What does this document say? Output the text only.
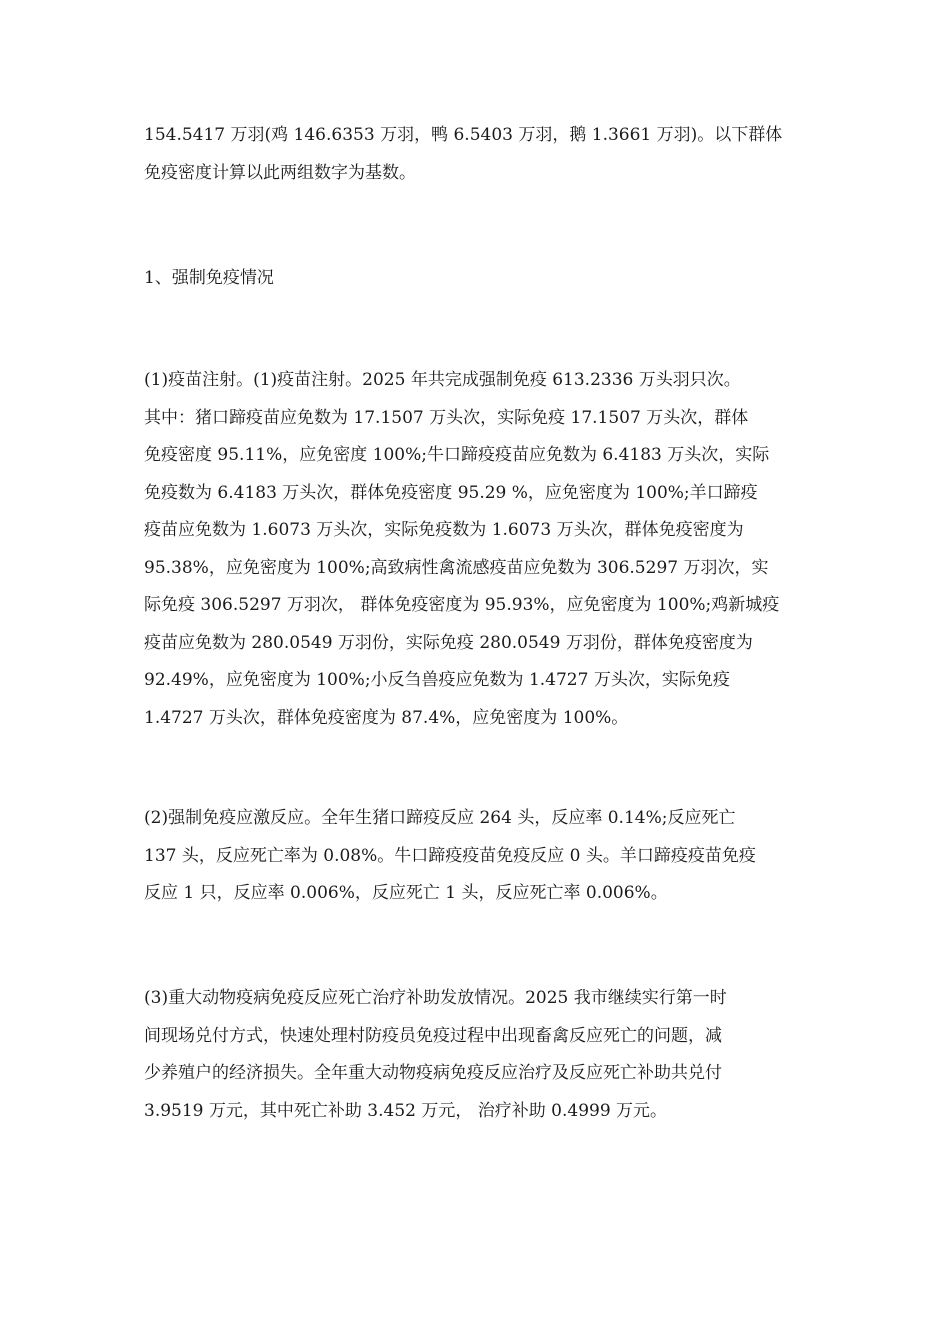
154.5417 万羽(鸡 146.6353 万羽，鸭 6.5403 万羽，鹅 1.3661 万羽)。以下群体
免疫密度计算以此两组数字为基数。
1、强制免疫情况
(1)疫苗注射。(1)疫苗注射。2025 年共完成强制免疫 613.2336 万头羽只次。
其中：猪口蹄疫苗应免数为 17.1507 万头次，实际免疫 17.1507 万头次，群体
免疫密度 95.11%，应免密度 100%;牛口蹄疫疫苗应免数为 6.4183 万头次，实际
免疫数为 6.4183 万头次，群体免疫密度 95.29 %，应免密度为 100%;羊口蹄疫
疫苗应免数为 1.6073 万头次，实际免疫数为 1.6073 万头次，群体免疫密度为
95.38%，应免密度为 100%;高致病性禽流感疫苗应免数为 306.5297 万羽次，实
际免疫 306.5297 万羽次， 群体免疫密度为 95.93%，应免密度为 100%;鸡新城疫
疫苗应免数为 280.0549 万羽份，实际免疫 280.0549 万羽份，群体免疫密度为
92.49%，应免密度为 100%;小反刍兽疫应免数为 1.4727 万头次，实际免疫
1.4727 万头次，群体免疫密度为 87.4%，应免密度为 100%。
(2)强制免疫应激反应。全年生猪口蹄疫反应 264 头，反应率 0.14%;反应死亡
137 头，反应死亡率为 0.08%。牛口蹄疫疫苗免疫反应 0 头。羊口蹄疫疫苗免疫
反应 1 只，反应率 0.006%，反应死亡 1 头，反应死亡率 0.006%。
(3)重大动物疫病免疫反应死亡治疗补助发放情况。2025 我市继续实行第一时
间现场兑付方式，快速处理村防疫员免疫过程中出现畜禽反应死亡的问题，减
少养殖户的经济损失。全年重大动物疫病免疫反应治疗及反应死亡补助共兑付
3.9519 万元，其中死亡补助 3.452 万元， 治疗补助 0.4999 万元。
